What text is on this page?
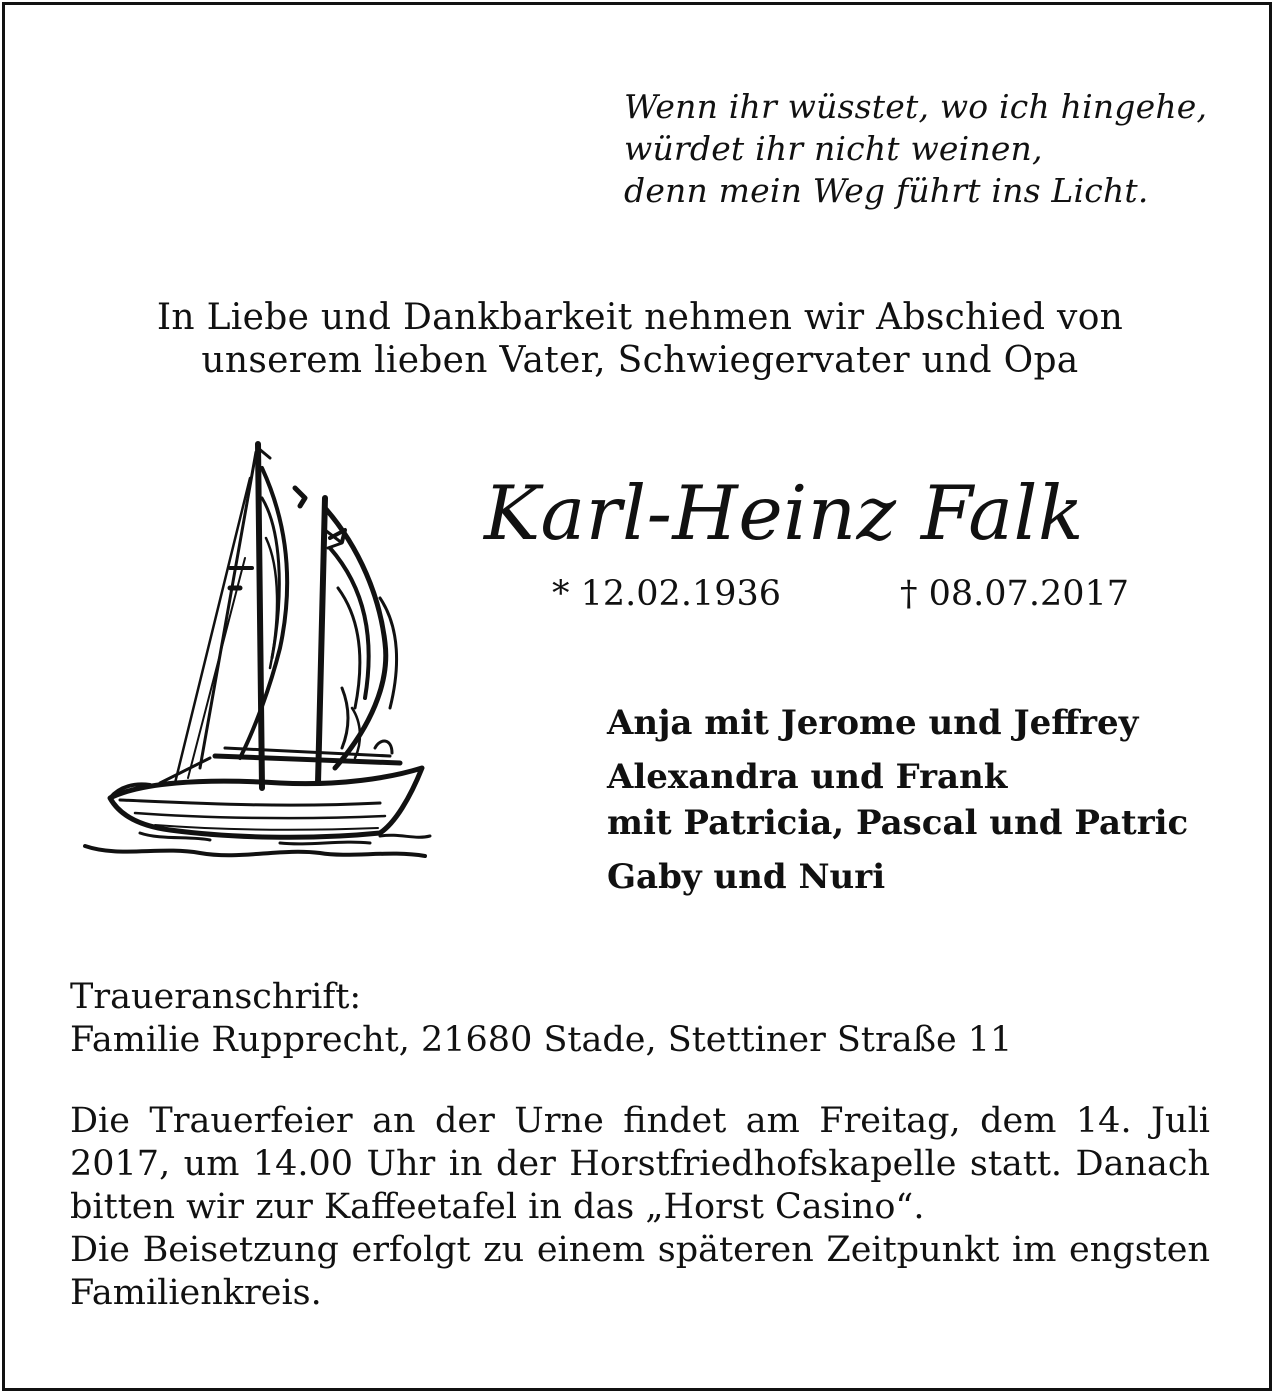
Wenn ihr wüsstet, wo ich hingehe,
würdet ihr nicht weinen,
denn mein Weg führt ins Licht.
In Liebe und Dankbarkeit nehmen wir Abschied von
unserem lieben Vater, Schwiegervater und Opa
Karl-Heinz Falk
* 12.02.1936	† 08.07.2017
Anja mit Jerome und Jeffrey
Alexandra und Frank
mit Patricia, Pascal und Patric
Gaby und Nuri
Traueranschrift:
Familie Rupprecht, 21680 Stade, Stettiner Straße 11

Die Trauerfeier an der Urne findet am Freitag, dem 14. Juli 2017, um 14.00 Uhr in der Horstfriedhofskapelle statt. Danach bitten wir zur Kaffeetafel in das „Horst Casino“.

Die Beisetzung erfolgt zu einem späteren Zeitpunkt im engsten Familienkreis.
